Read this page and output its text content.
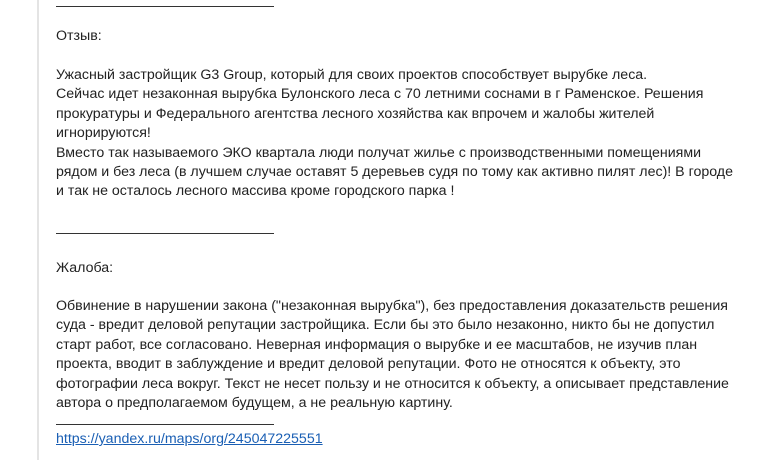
Отзыв:

Ужасный застройщик G3 Group, который для своих проектов способствует вырубке леса.

Сейчас идет незаконная вырубка Булонского леса с 70 летними соснами в г Раменское. Решения

прокуратуры и Федерального агентства лесного хозяйства как впрочем и жалобы жителей

игнорируются!

Вместо так называемого ЭКО квартала люди получат жилье с производственными помещениями

рядом и без леса (в лучшем случае оставят 5 деревьев судя по тому как активно пилят лес)! В городе

и так не осталось лесного массива кроме городского парка !

Жалоба:

Обвинение в нарушении закона ("незаконная вырубка"), без предоставления доказательств решения

суда - вредит деловой репутации застройщика. Если бы это было незаконно, никто бы не допустил

старт работ, все согласовано. Неверная информация о вырубке и ее масштабов, не изучив план

проекта, вводит в заблуждение и вредит деловой репутации. Фото не относятся к объекту, это

фотографии леса вокруг. Текст не несет пользу и не относится к объекту, а описывает представление

автора о предполагаемом будущем, а не реальную картину.

https://yandex.ru/maps/org/245047225551
